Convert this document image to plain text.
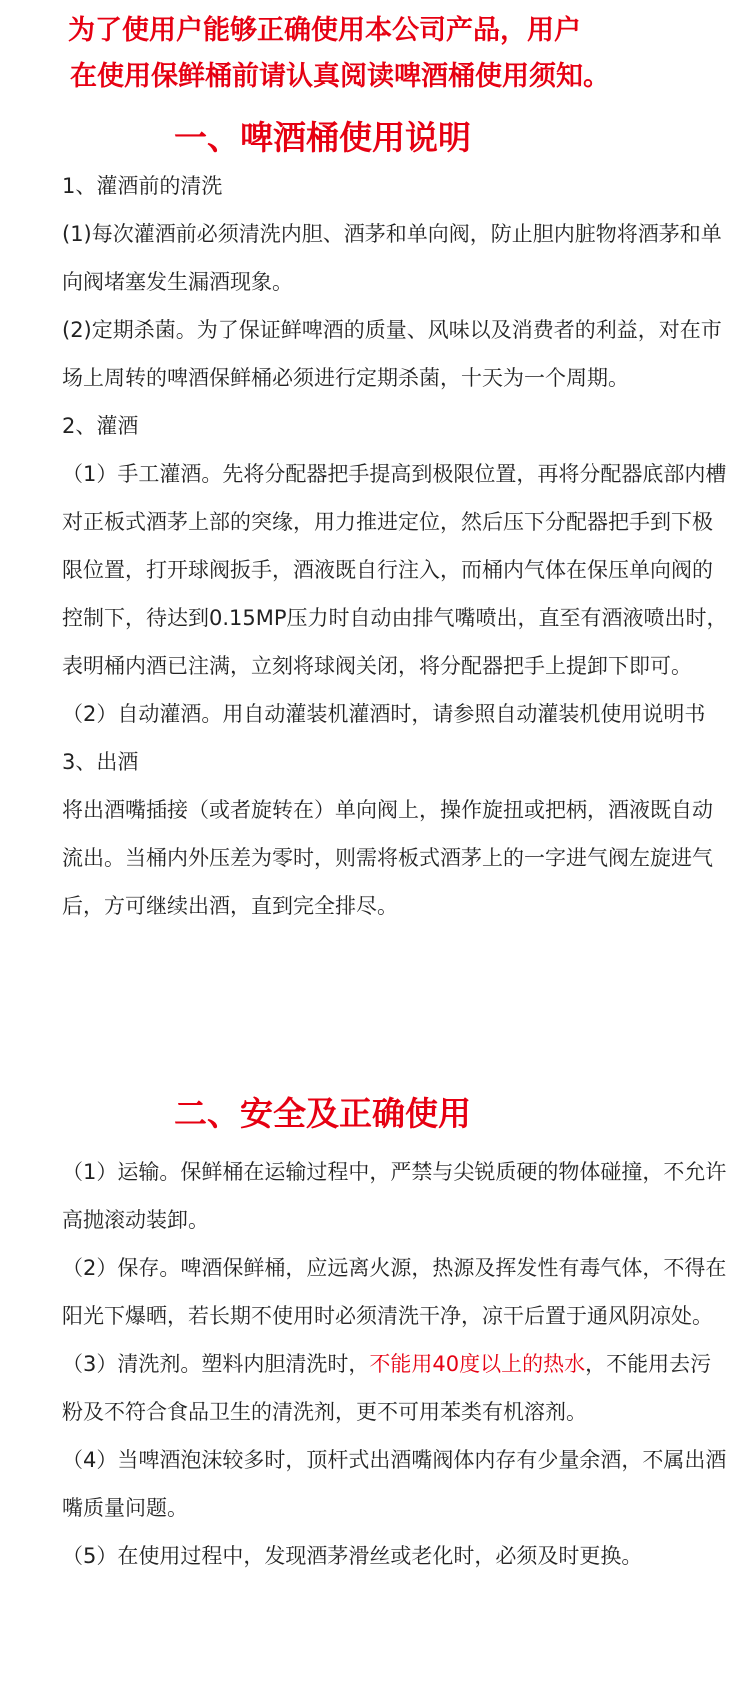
为了使用户能够正确使用本公司产品，用户
在使用保鲜桶前请认真阅读啤酒桶使用须知。
一、啤酒桶使用说明

1、灌酒前的清洗

(1)每次灌酒前必须清洗内胆、酒茅和单向阀，防止胆内脏物将酒茅和单向阀堵塞发生漏酒现象。

(2)定期杀菌。为了保证鲜啤酒的质量、风味以及消费者的利益，对在市场上周转的啤酒保鲜桶必须进行定期杀菌，十天为一个周期。

2、灌酒

（1）手工灌酒。先将分配器把手提高到极限位置，再将分配器底部内槽对正板式酒茅上部的突缘，用力推进定位，然后压下分配器把手到下极限位置，打开球阀扳手，酒液既自行注入，而桶内气体在保压单向阀的控制下，待达到0.15MP压力时自动由排气嘴喷出，直至有酒液喷出时，表明桶内酒已注满，立刻将球阀关闭，将分配器把手上提卸下即可。

（2）自动灌酒。用自动灌装机灌酒时，请参照自动灌装机使用说明书

3、出酒

将出酒嘴插接（或者旋转在）单向阀上，操作旋扭或把柄，酒液既自动流出。当桶内外压差为零时，则需将板式酒茅上的一字进气阀左旋进气后，方可继续出酒，直到完全排尽。

二、安全及正确使用

（1）运输。保鲜桶在运输过程中，严禁与尖锐质硬的物体碰撞，不允许高抛滚动装卸。

（2）保存。啤酒保鲜桶，应远离火源，热源及挥发性有毒气体，不得在阳光下爆晒，若长期不使用时必须清洗干净，凉干后置于通风阴凉处。

（3）清洗剂。塑料内胆清洗时，不能用40度以上的热水，不能用去污粉及不符合食品卫生的清洗剂，更不可用苯类有机溶剂。

（4）当啤酒泡沫较多时，顶杆式出酒嘴阀体内存有少量余酒，不属出酒嘴质量问题。

（5）在使用过程中，发现酒茅滑丝或老化时，必须及时更换。
